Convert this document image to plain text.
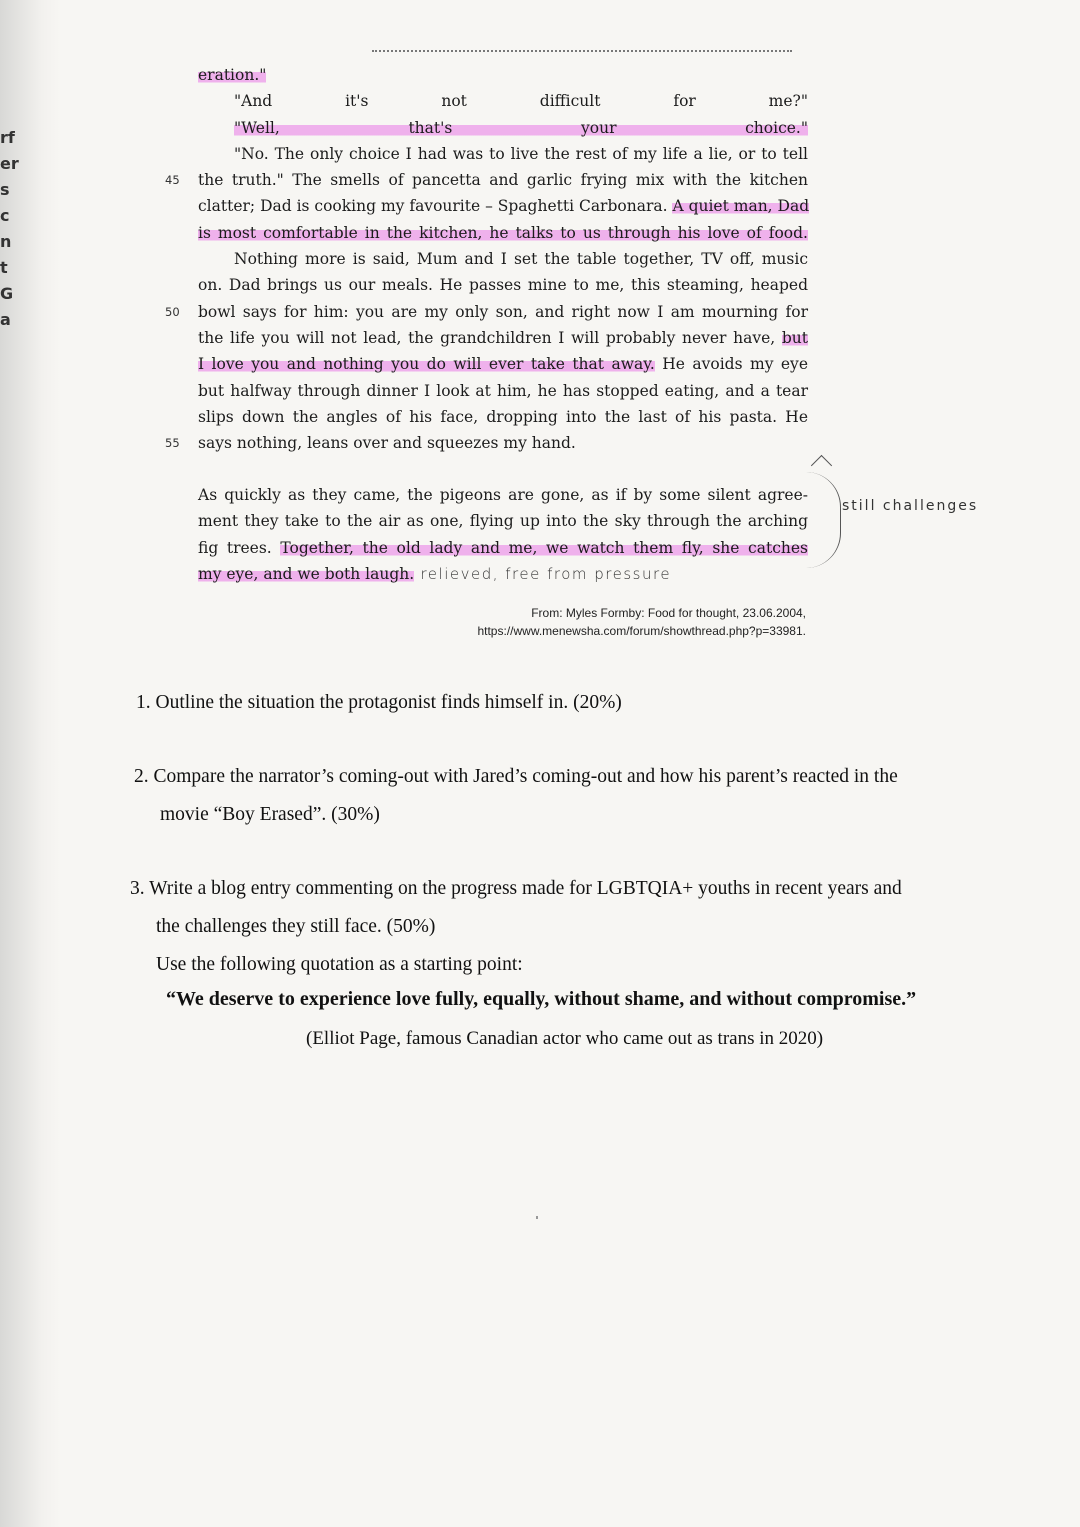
rf
er
s
c
n
t
G
a
eration."
"And it's not difficult for me?"
"Well, that's your choice."
"No. The only choice I had was to live the rest of my life a lie, or to tell
45 the truth." The smells of pancetta and garlic frying mix with the kitchen
clatter; Dad is cooking my favourite – Spaghetti Carbonara. A quiet man, Dad
is most comfortable in the kitchen, he talks to us through his love of food.
Nothing more is said, Mum and I set the table together, TV off, music
on. Dad brings us our meals. He passes mine to me, this steaming, heaped
50 bowl says for him: you are my only son, and right now I am mourning for
the life you will not lead, the grandchildren I will probably never have, but
I love you and nothing you do will ever take that away. He avoids my eye
but halfway through dinner I look at him, he has stopped eating, and a tear
slips down the angles of his face, dropping into the last of his pasta. He
55 says nothing, leans over and squeezes my hand.
As quickly as they came, the pigeons are gone, as if by some silent agree-
ment they take to the air as one, flying up into the sky through the arching
fig trees. Together, the old lady and me, we watch them fly, she catches
my eye, and we both laugh. relieved, free from pressure
still challenges
From: Myles Formby: Food for thought, 23.06.2004,
https://www.menewsha.com/forum/showthread.php?p=33981.
1. Outline the situation the protagonist finds himself in. (20%)
2. Compare the narrator’s coming-out with Jared’s coming-out and how his parent’s reacted in the
movie “Boy Erased”. (30%)
3. Write a blog entry commenting on the progress made for LGBTQIA+ youths in recent years and
the challenges they still face. (50%)
Use the following quotation as a starting point:
“We deserve to experience love fully, equally, without shame, and without compromise.”
(Elliot Page, famous Canadian actor who came out as trans in 2020)
